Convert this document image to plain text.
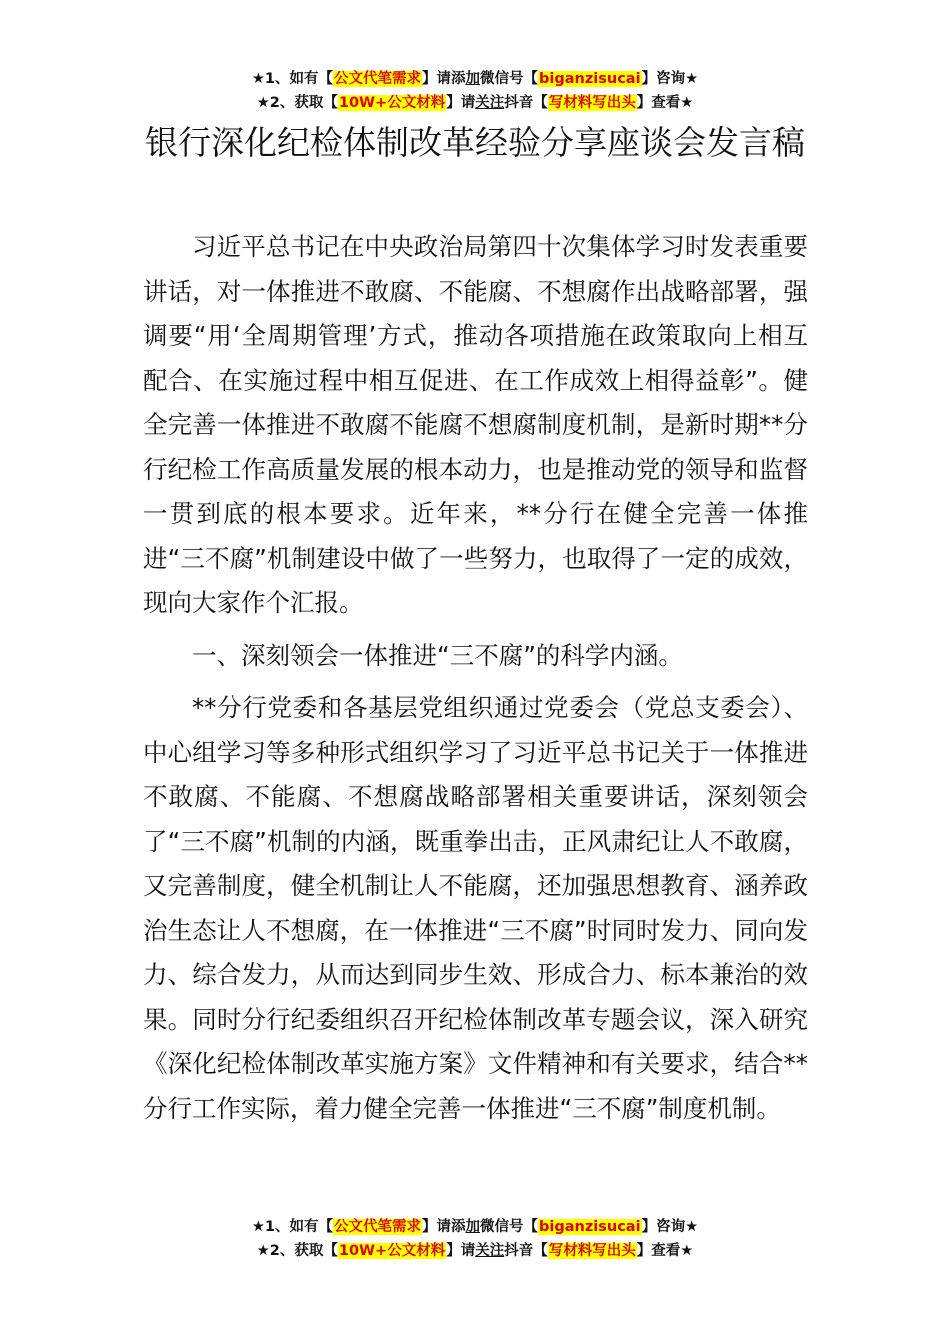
★1、如有【公文代笔需求】请添加微信号【biganzisucai】咨询★
★2、获取【10W+公文材料】请关注抖音【写材料写出头】查看★
银行深化纪检体制改革经验分享座谈会发言稿

习近平总书记在中央政治局第四十次集体学习时发表重要讲话，对一体推进不敢腐、不能腐、不想腐作出战略部署，强调要“用‘全周期管理’方式，推动各项措施在政策取向上相互配合、在实施过程中相互促进、在工作成效上相得益彰”。健全完善一体推进不敢腐不能腐不想腐制度机制，是新时期**分行纪检工作高质量发展的根本动力，也是推动党的领导和监督一贯到底的根本要求。近年来，**分行在健全完善一体推进“三不腐”机制建设中做了一些努力，也取得了一定的成效，现向大家作个汇报。

一、深刻领会一体推进“三不腐”的科学内涵。

**分行党委和各基层党组织通过党委会（党总支委会）、中心组学习等多种形式组织学习了习近平总书记关于一体推进不敢腐、不能腐、不想腐战略部署相关重要讲话，深刻领会了“三不腐”机制的内涵，既重拳出击，正风肃纪让人不敢腐，又完善制度，健全机制让人不能腐，还加强思想教育、涵养政治生态让人不想腐，在一体推进“三不腐”时同时发力、同向发力、综合发力，从而达到同步生效、形成合力、标本兼治的效果。同时分行纪委组织召开纪检体制改革专题会议，深入研究《深化纪检体制改革实施方案》文件精神和有关要求，结合**分行工作实际，着力健全完善一体推进“三不腐”制度机制。

★1、如有【公文代笔需求】请添加微信号【biganzisucai】咨询★
★2、获取【10W+公文材料】请关注抖音【写材料写出头】查看★
